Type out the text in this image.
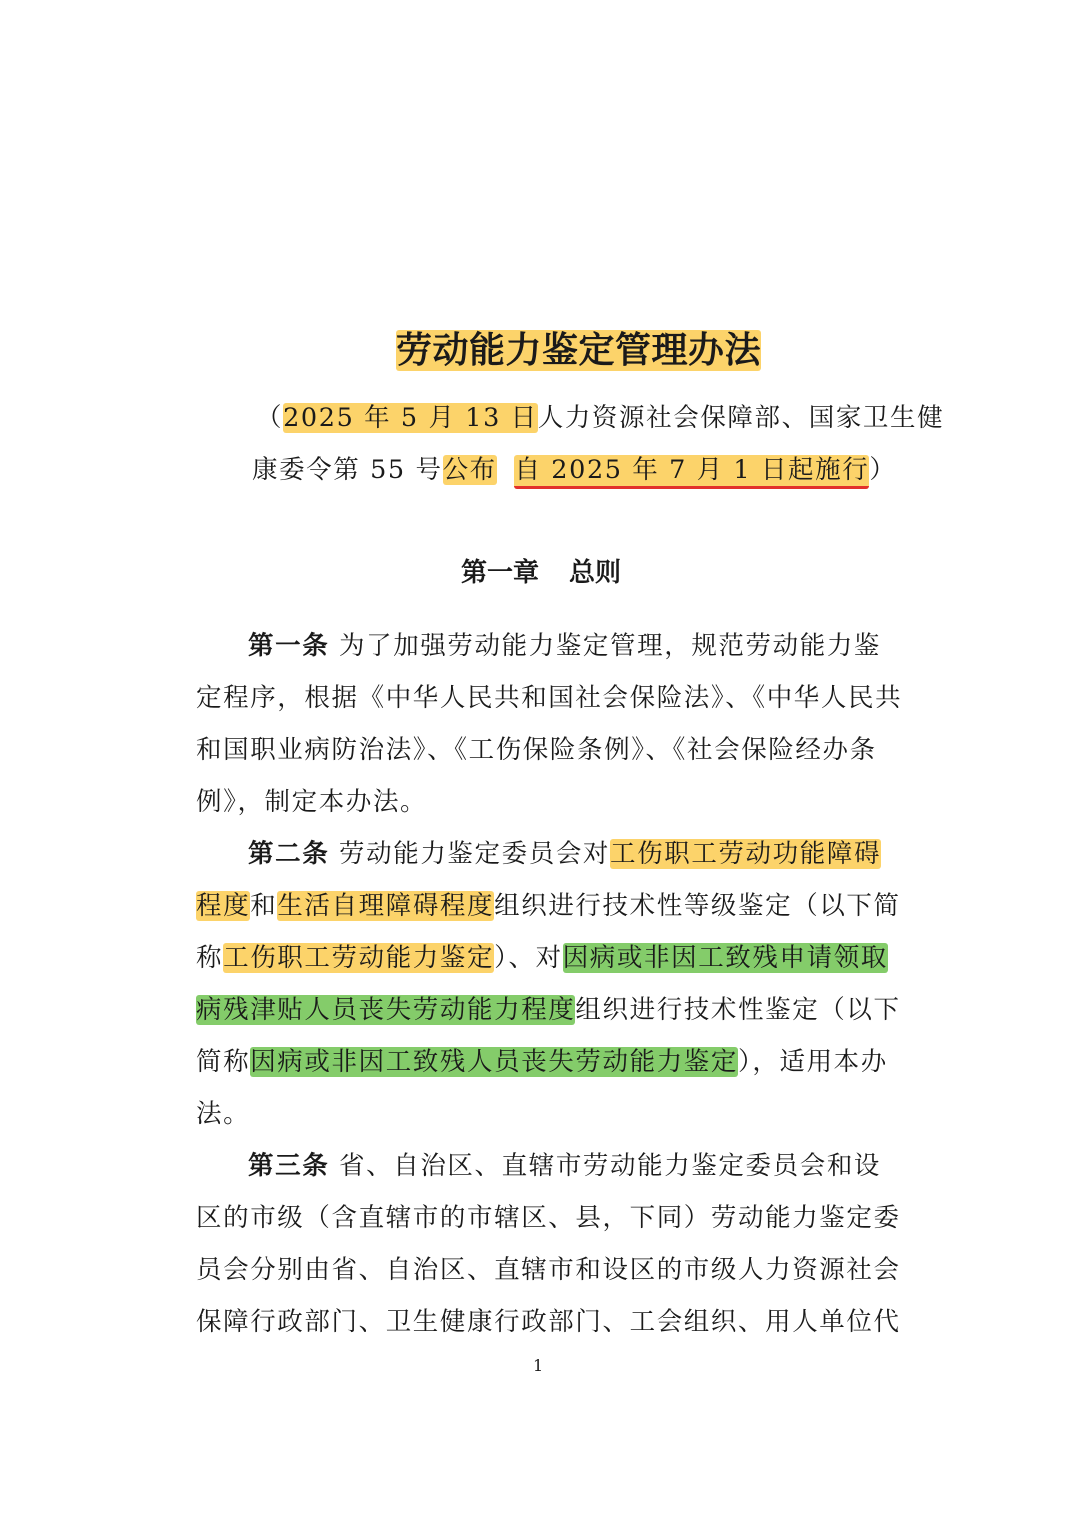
劳动能力鉴定管理办法
（2025 年 5 月 13 日人力资源社会保障部、国家卫生健
康委令第 55 号公布 自 2025 年 7 月 1 日起施行）
第一章 总则
第一条 为了加强劳动能力鉴定管理，规范劳动能力鉴
定程序，根据《中华人民共和国社会保险法》、《中华人民共
和国职业病防治法》、《工伤保险条例》、《社会保险经办条
例》，制定本办法。
第二条 劳动能力鉴定委员会对工伤职工劳动功能障碍
程度和生活自理障碍程度组织进行技术性等级鉴定（以下简
称工伤职工劳动能力鉴定）、对因病或非因工致残申请领取
病残津贴人员丧失劳动能力程度组织进行技术性鉴定（以下
简称因病或非因工致残人员丧失劳动能力鉴定），适用本办
法。
第三条 省、自治区、直辖市劳动能力鉴定委员会和设
区的市级（含直辖市的市辖区、县，下同）劳动能力鉴定委
员会分别由省、自治区、直辖市和设区的市级人力资源社会
保障行政部门、卫生健康行政部门、工会组织、用人单位代
1
